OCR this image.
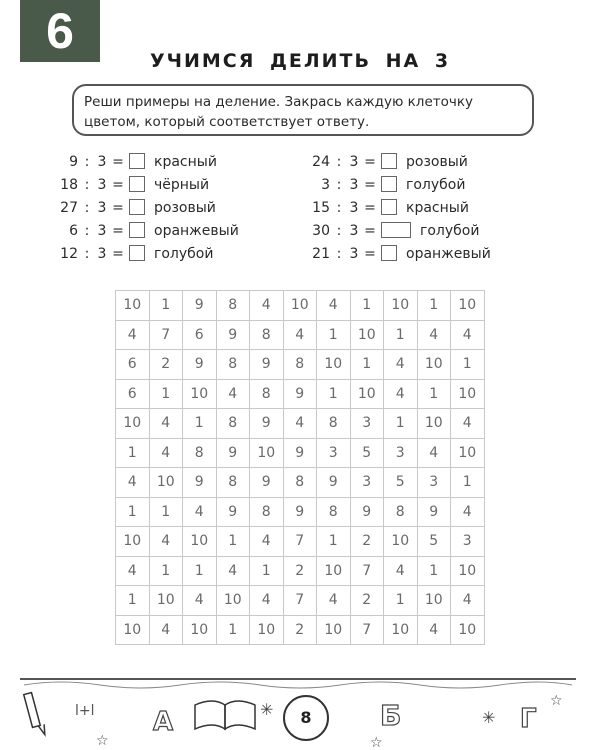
6
УЧИМСЯ ДЕЛИТЬ НА 3
Реши примеры на деление. Закрась каждую клеточку цветом, который соответствует ответу.
9 : 3 = красный
18 : 3 = чёрный
27 : 3 = розовый
6 : 3 = оранжевый
12 : 3 = голубой
24 : 3 = розовый
3 : 3 = голубой
15 : 3 = красный
30 : 3 =	голубой
21 : 3 = оранжевый
10	1	9	8	4	10	4	1	10	1	10
4	7	6	9	8	4	1	10	1	4	4
6	2	9	8	9	8	10	1	4	10	1
6	1	10	4	8	9	1	10	4	1	10
10	4	1	8	9	4	8	3	1	10	4
1	4	8	9	10	9	3	5	3	4	10
4	10	9	8	9	8	9	3	5	3	1
1	1	4	9	8	9	8	9	8	9	4
10	4	10	1	4	7	1	2	10	5	3
4	1	1	4	1	2	10	7	4	1	10
1	10	4	10	4	7	4	2	1	10	4
10	4	10	1	10	2	10	7	10	4	10
l+l А	✳	Б	✳ Г
☆
☆	☆
8
